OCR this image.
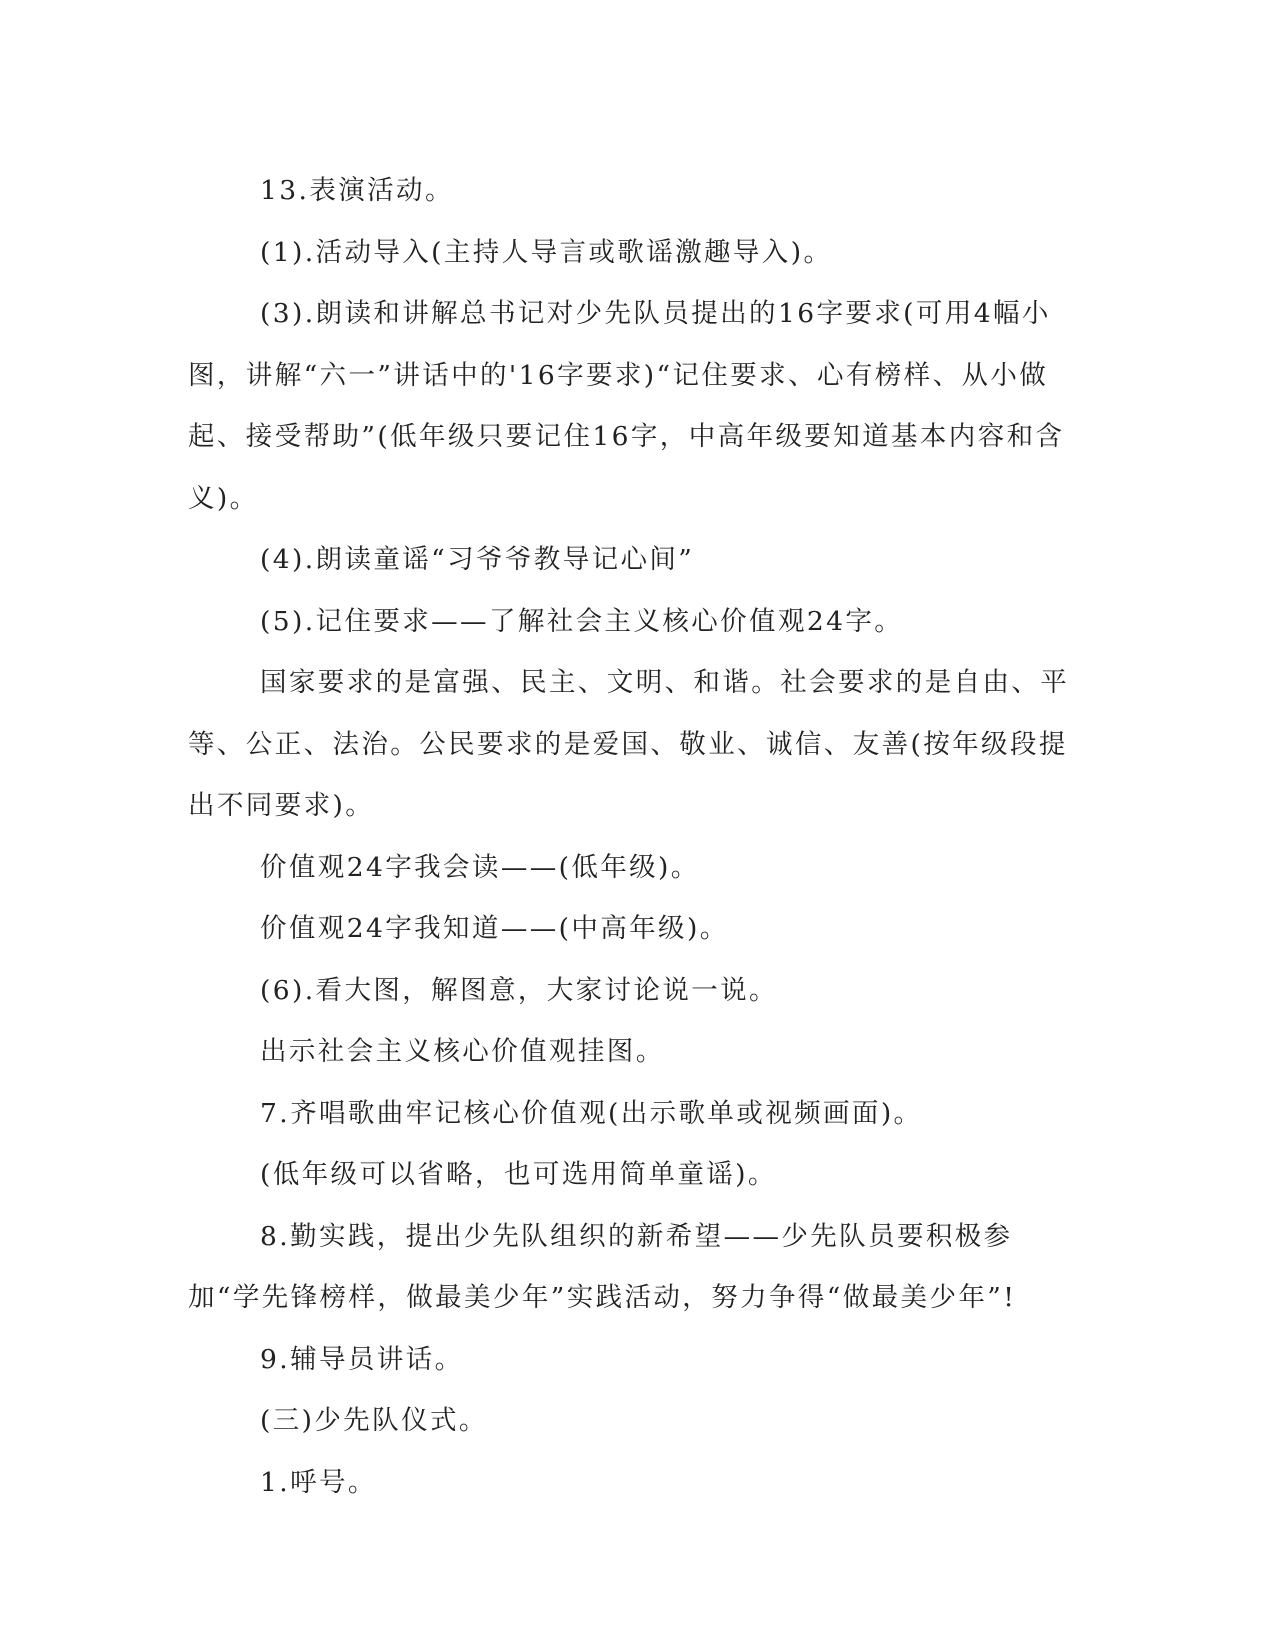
13.表演活动。

(1).活动导入(主持人导言或歌谣激趣导入)。

(3).朗读和讲解总书记对少先队员提出的16字要求(可用4幅小图，讲解“六一”讲话中的'16字要求)“记住要求、心有榜样、从小做起、接受帮助”(低年级只要记住16字，中高年级要知道基本内容和含义)。

(4).朗读童谣“习爷爷教导记心间”

(5).记住要求——了解社会主义核心价值观24字。

国家要求的是富强、民主、文明、和谐。社会要求的是自由、平等、公正、法治。公民要求的是爱国、敬业、诚信、友善(按年级段提出不同要求)。

价值观24字我会读——(低年级)。

价值观24字我知道——(中高年级)。

(6).看大图，解图意，大家讨论说一说。

出示社会主义核心价值观挂图。

7.齐唱歌曲牢记核心价值观(出示歌单或视频画面)。

(低年级可以省略，也可选用简单童谣)。

8.勤实践，提出少先队组织的新希望——少先队员要积极参加“学先锋榜样，做最美少年”实践活动，努力争得“做最美少年”!

9.辅导员讲话。

(三)少先队仪式。

1.呼号。
